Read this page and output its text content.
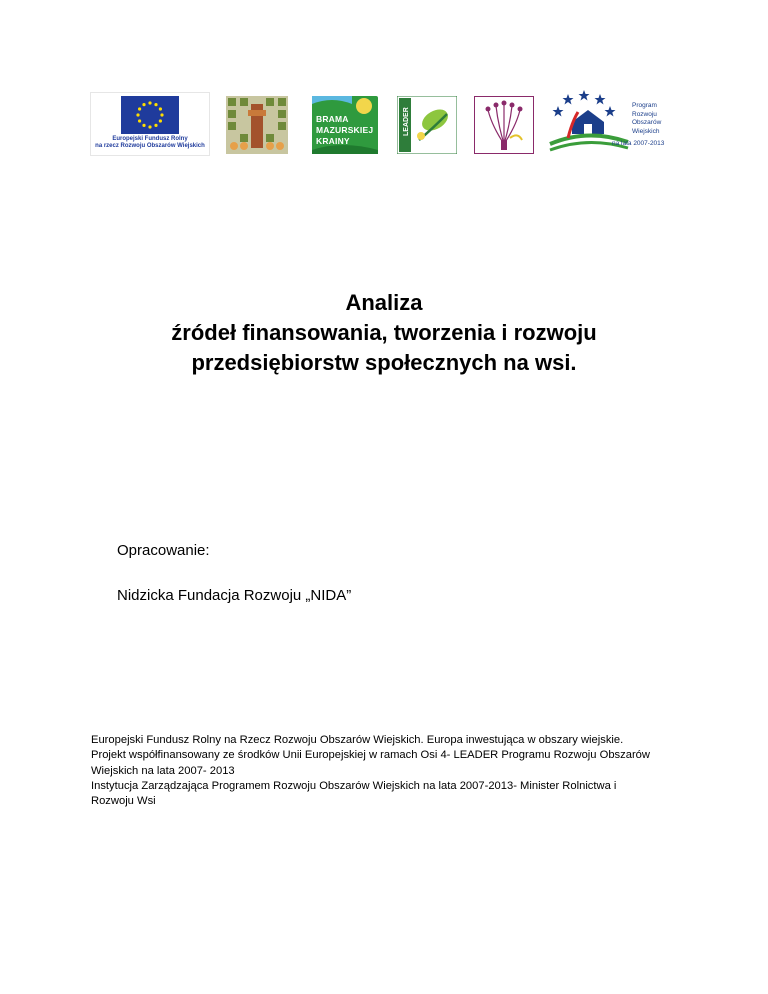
Europejski Fundusz Rolny
na rzecz Rozwoju Obszarów Wiejskich
BRAMA
MAZURSKIEJ
KRAINY
LEADER
Program
Rozwoju
Obszarów
Wiejskich
na lata 2007-2013
Analiza
źródeł finansowania, tworzenia i rozwoju
przedsiębiorstw społecznych na wsi.
Opracowanie:
Nidzicka Fundacja Rozwoju „NIDA”
Europejski Fundusz Rolny na Rzecz Rozwoju Obszarów Wiejskich. Europa inwestująca w obszary wiejskie.
Projekt współfinansowany ze środków Unii Europejskiej w ramach Osi 4- LEADER Programu Rozwoju Obszarów
Wiejskich na lata 2007- 2013
Instytucja Zarządzająca Programem Rozwoju Obszarów Wiejskich na lata 2007-2013- Minister Rolnictwa i
Rozwoju Wsi
